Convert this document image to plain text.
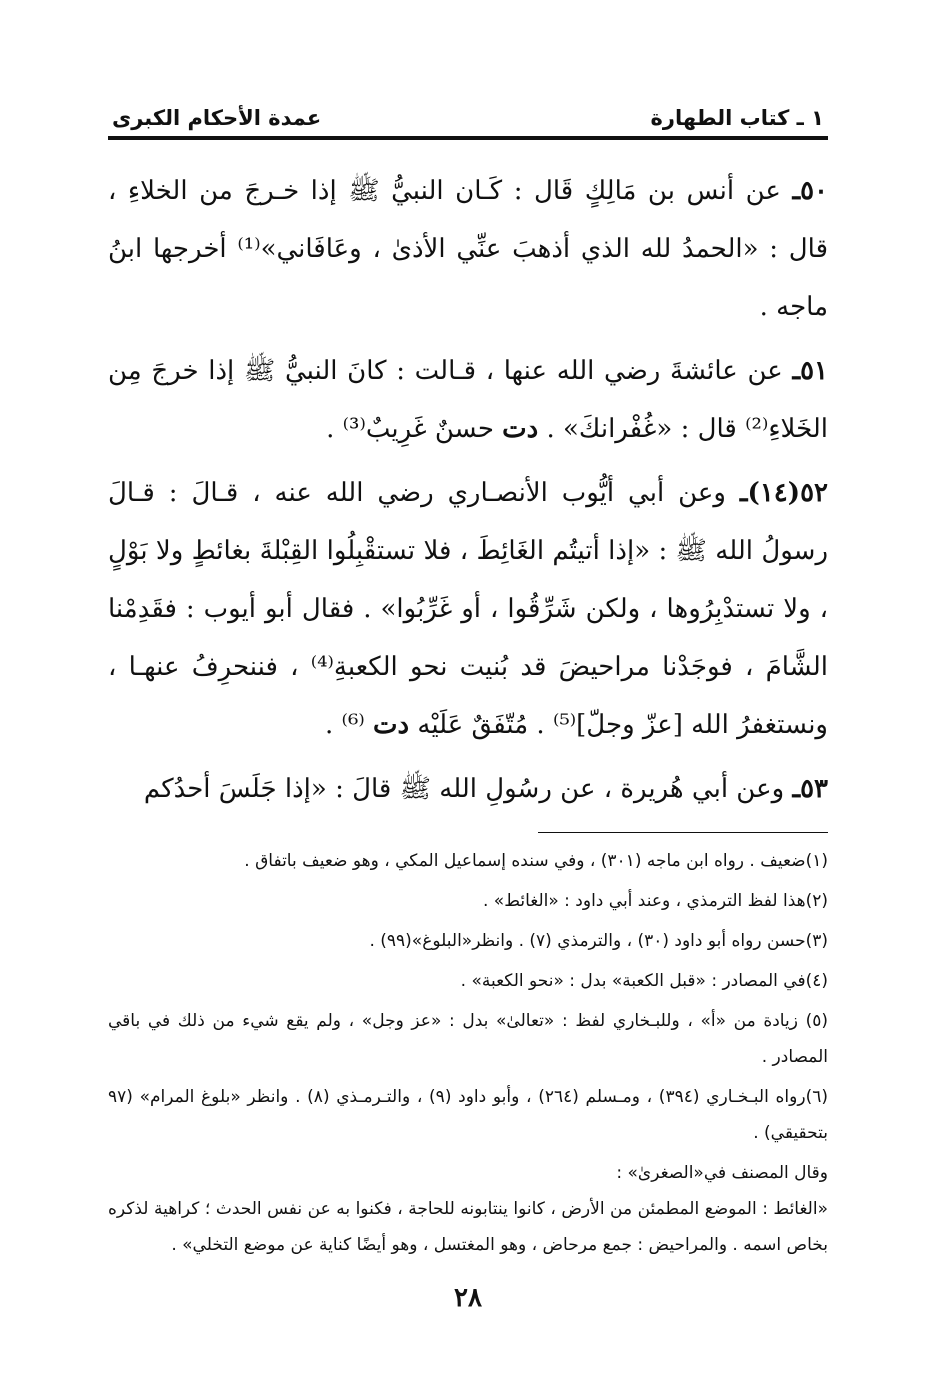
١ ـ كتاب الطهارة
عمدة الأحكام الكبرى

٥٠ـ عن أنس بن مَالِكٍ قَال : كَـان النبيُّ ﷺ إذا خـرجَ من الخلاءِ ، قال : «الحمدُ لله الذي أذهبَ عنِّي الأذىٰ ، وعَافَاني»⁽¹⁾ أخرجها ابنُ ماجه .

٥١ـ عن عائشةَ رضي الله عنها ، قـالت : كانَ النبيُّ ﷺ إذا خرجَ مِن الخَلاءِ⁽²⁾ قال : «غُفْرانكَ» . دت حسنٌ غَرِيبٌ⁽³⁾ .

٥٢(١٤)ـ وعن أبي أيُّوب الأنصـاري رضي الله عنه ، قـالَ : قـالَ رسولُ الله ﷺ : «إذا أتيتُم الغَائِطَ ، فلا تستقْبِلُوا القِبْلةَ بغائطٍ ولا بَوْلٍ ، ولا تستدْبِرُوها ، ولكن شَرِّقُوا ، أو غَرِّبُوا» . فقال أبو أيوب : فقَدِمْنا الشَّامَ ، فوجَدْنا مراحيضَ قد بُنيت نحو الكعبةِ⁽⁴⁾ ، فننحرِفُ عنهـا ، ونستغفرُ الله [عزّ وجلّ]⁽⁵⁾ . مُتّفَقٌ عَلَيْه دت ⁽⁶⁾ .

٥٣ـ وعن أبي هُريرة ، عن رسُولِ الله ﷺ قالَ : «إذا جَلَسَ أحدُكم

(١)ضعيف . رواه ابن ماجه (٣٠١) ، وفي سنده إسماعيل المكي ، وهو ضعيف باتفاق .

(٢)هذا لفظ الترمذي ، وعند أبي داود : «الغائط» .

(٣)حسن رواه أبو داود (٣٠) ، والترمذي (٧) . وانظر«البلوغ»(٩٩) .

(٤)في المصادر : «قبل الكعبة» بدل : «نحو الكعبة» .

(٥) زيادة من «أ» ، وللبـخاري لفظ : «تعالىٰ» بدل : «عز وجل» ، ولم يقع شيء من ذلك في باقي المصادر .

(٦)رواه البـخـاري (٣٩٤) ، ومـسلم (٢٦٤) ، وأبو داود (٩) ، والتـرمـذي (٨) . وانظر «بلوغ المرام» (٩٧ بتحقيقي) .

وقال المصنف في«الصغرىٰ» :

«الغائط : الموضع المطمئن من الأرض ، كانوا ينتابونه للحاجة ، فكنوا به عن نفس الحدث ؛ كراهية لذكره بخاص اسمه . والمراحيض : جمع مرحاض ، وهو المغتسل ، وهو أيضًا كناية عن موضع التخلي» .

٢٨
